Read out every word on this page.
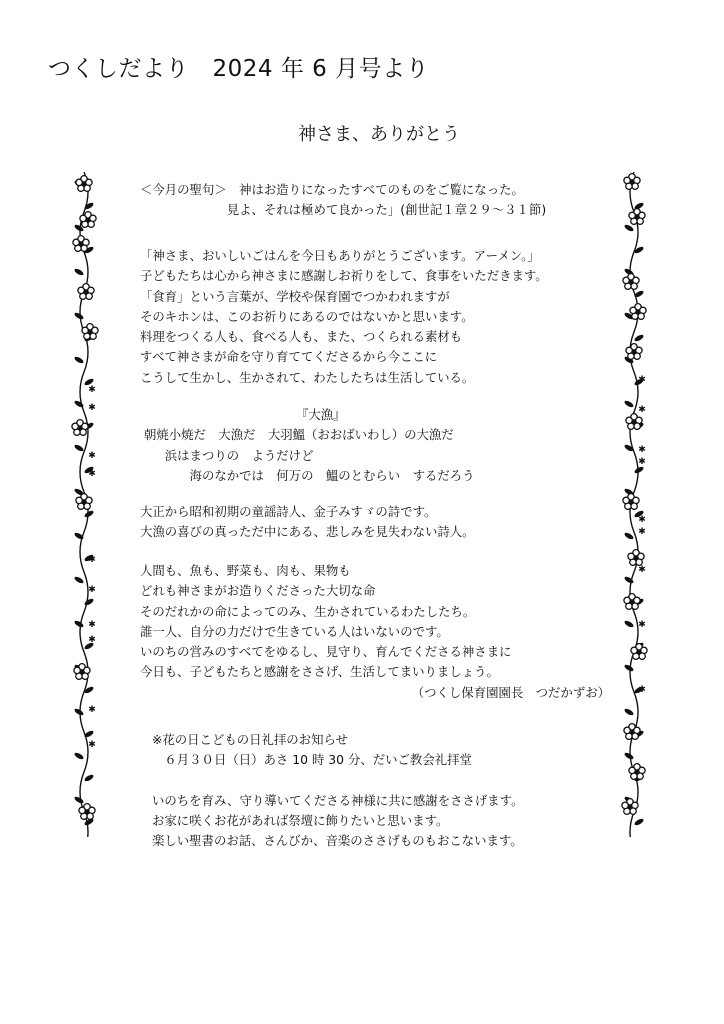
つくしだより　2024 年 6 月号より
神さま、ありがとう
＜今月の聖句＞　神はお造りになったすべてのものをご覧になった。
　　　　　　　見よ、それは極めて良かった」(創世記１章２９～３１節)
「神さま、おいしいごはんを今日もありがとうございます。アーメン。」
子どもたちは心から神さまに感謝しお祈りをして、食事をいただきます。
「食育」という言葉が、学校や保育園でつかわれますが
そのキホンは、このお祈りにあるのではないかと思います。
料理をつくる人も、食べる人も、また、つくられる素材も
すべて神さまが命を守り育ててくださるから今ここに
こうして生かし、生かされて、わたしたちは生活している。
『大漁』
朝焼小焼だ　大漁だ　大羽鰮（おおばいわし）の大漁だ
　　浜はまつりの　ようだけど
　　　　海のなかでは　何万の　鰮のとむらい　するだろう
大正から昭和初期の童謡詩人、金子みすゞの詩です。
大漁の喜びの真っただ中にある、悲しみを見失わない詩人。
人間も、魚も、野菜も、肉も、果物も
どれも神さまがお造りくださった大切な命
そのだれかの命によってのみ、生かされているわたしたち。
誰一人、自分の力だけで生きている人はいないのです。
いのちの営みのすべてをゆるし、見守り、育んでくださる神さまに
今日も、子どもたちと感謝をささげ、生活してまいりましょう。
（つくし保育園園長　つだかずお）
※花の日こどもの日礼拝のお知らせ
　６月３０日（日）あさ 10 時 30 分、だいご教会礼拝堂
いのちを育み、守り導いてくださる神様に共に感謝をささげます。
お家に咲くお花があれば祭壇に飾りたいと思います。
楽しい聖書のお話、さんびか、音楽のささげものもおこないます。
✱
✱
✱
✱
✱
✱
✱
✱
✱
✱
✱
✱
✱
✱
✱
✱
✱
✱
✱
